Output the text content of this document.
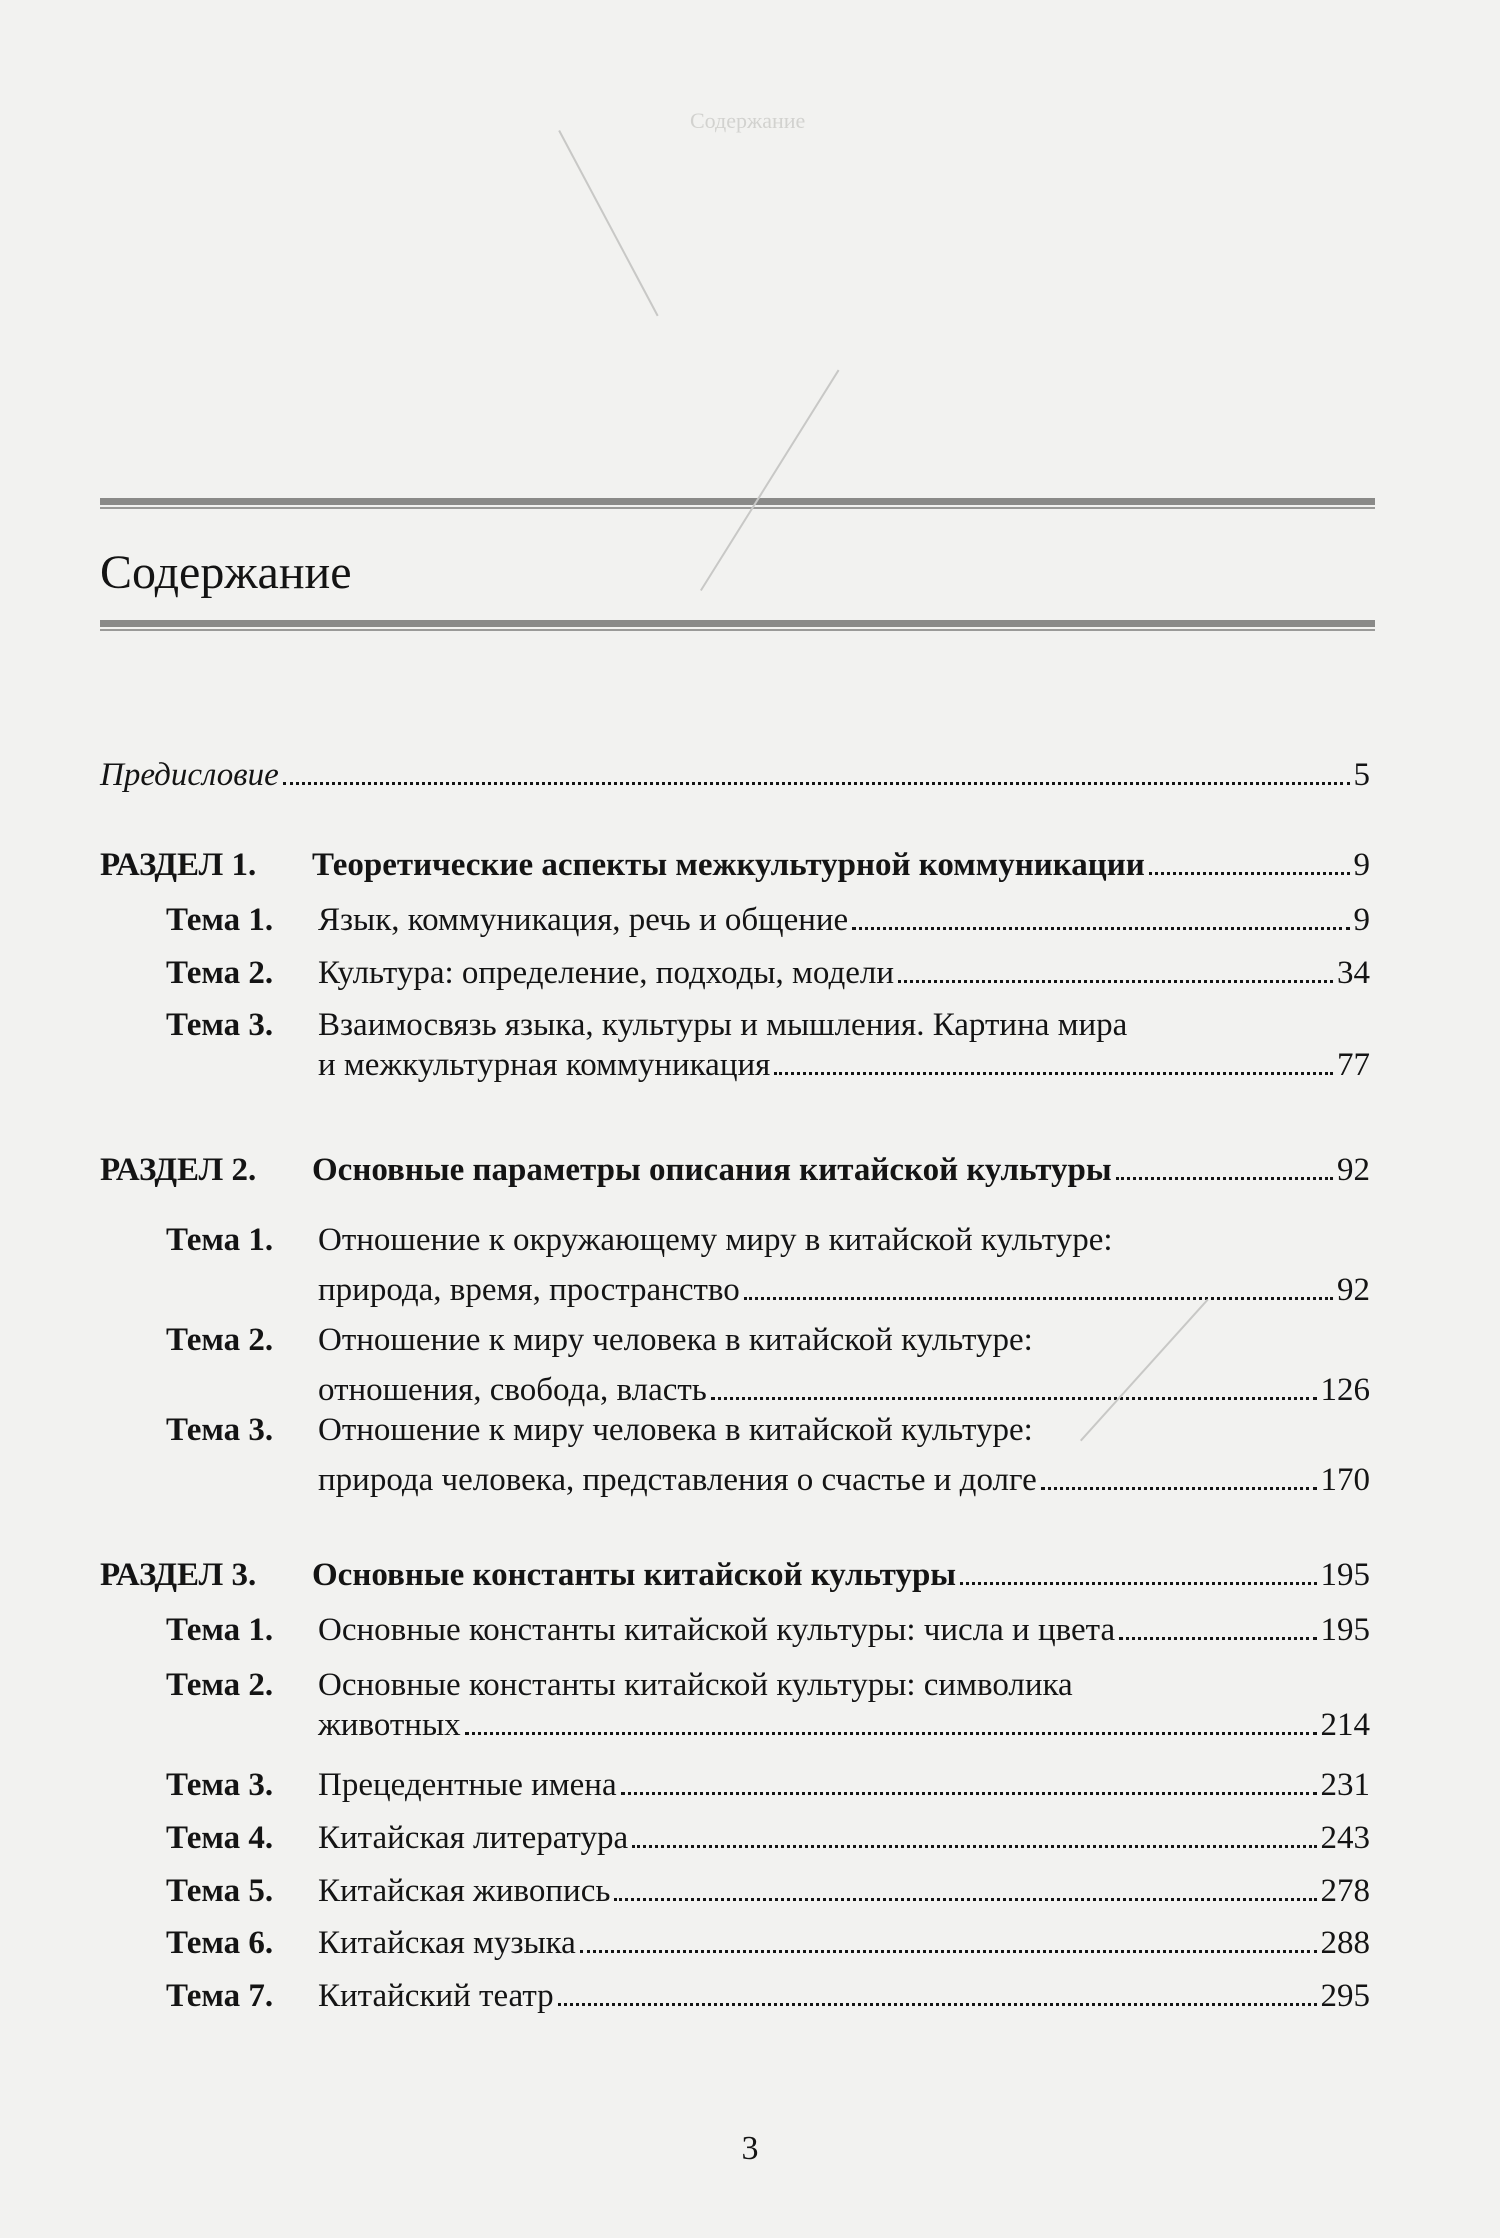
Содержание
Содержание
Предисловие	5
РАЗДЕЛ 1.	Теоретические аспекты межкультурной коммуникации	9
Тема 1.	Язык, коммуникация, речь и общение	9
Тема 2.	Культура: определение, подходы, модели	34
Тема 3.	Взаимосвязь языка, культуры и мышления. Картина мира
и межкультурная коммуникация	77
РАЗДЕЛ 2.	Основные параметры описания китайской культуры	92
Тема 1.	Отношение к окружающему миру в китайской культуре:
природа, время, пространство	92
Тема 2.	Отношение к миру человека в китайской культуре:
отношения, свобода, власть	126
Тема 3.	Отношение к миру человека в китайской культуре:
природа человека, представления о счастье и долге	170
РАЗДЕЛ 3.	Основные константы китайской культуры	195
Тема 1.	Основные константы китайской культуры: числа и цвета	195
Тема 2.	Основные константы китайской культуры: символика
животных	214
Тема 3.	Прецедентные имена	231
Тема 4.	Китайская литература	243
Тема 5.	Китайская живопись	278
Тема 6.	Китайская музыка	288
Тема 7.	Китайский театр	295
3
